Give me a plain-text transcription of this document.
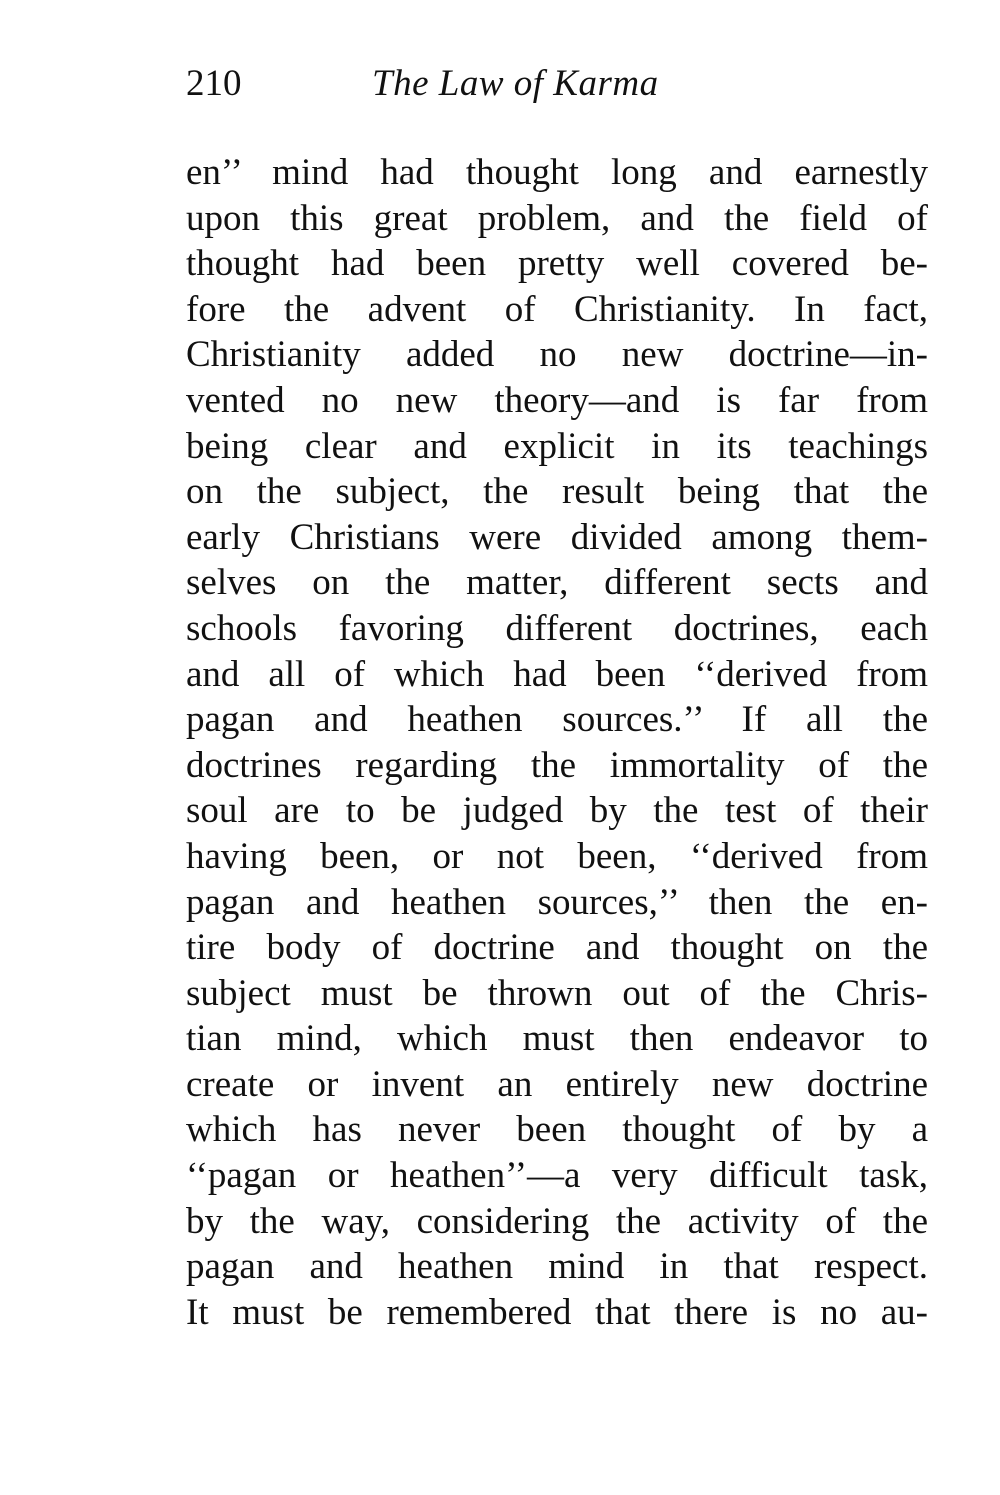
210	The Law of Karma
en’’ mind had thought long and earnestly
upon this great problem, and the field of
thought had been pretty well covered be-
fore the advent of Christianity. In fact,
Christianity added no new doctrine—in-
vented no new theory—and is far from
being clear and explicit in its teachings
on the subject, the result being that the
early Christians were divided among them-
selves on the matter, different sects and
schools favoring different doctrines, each
and all of which had been ‘‘derived from
pagan and heathen sources.’’ If all the
doctrines regarding the immortality of the
soul are to be judged by the test of their
having been, or not been, ‘‘derived from
pagan and heathen sources,’’ then the en-
tire body of doctrine and thought on the
subject must be thrown out of the Chris-
tian mind, which must then endeavor to
create or invent an entirely new doctrine
which has never been thought of by a
‘‘pagan or heathen’’—a very difficult task,
by the way, considering the activity of the
pagan and heathen mind in that respect.
It must be remembered that there is no au-
